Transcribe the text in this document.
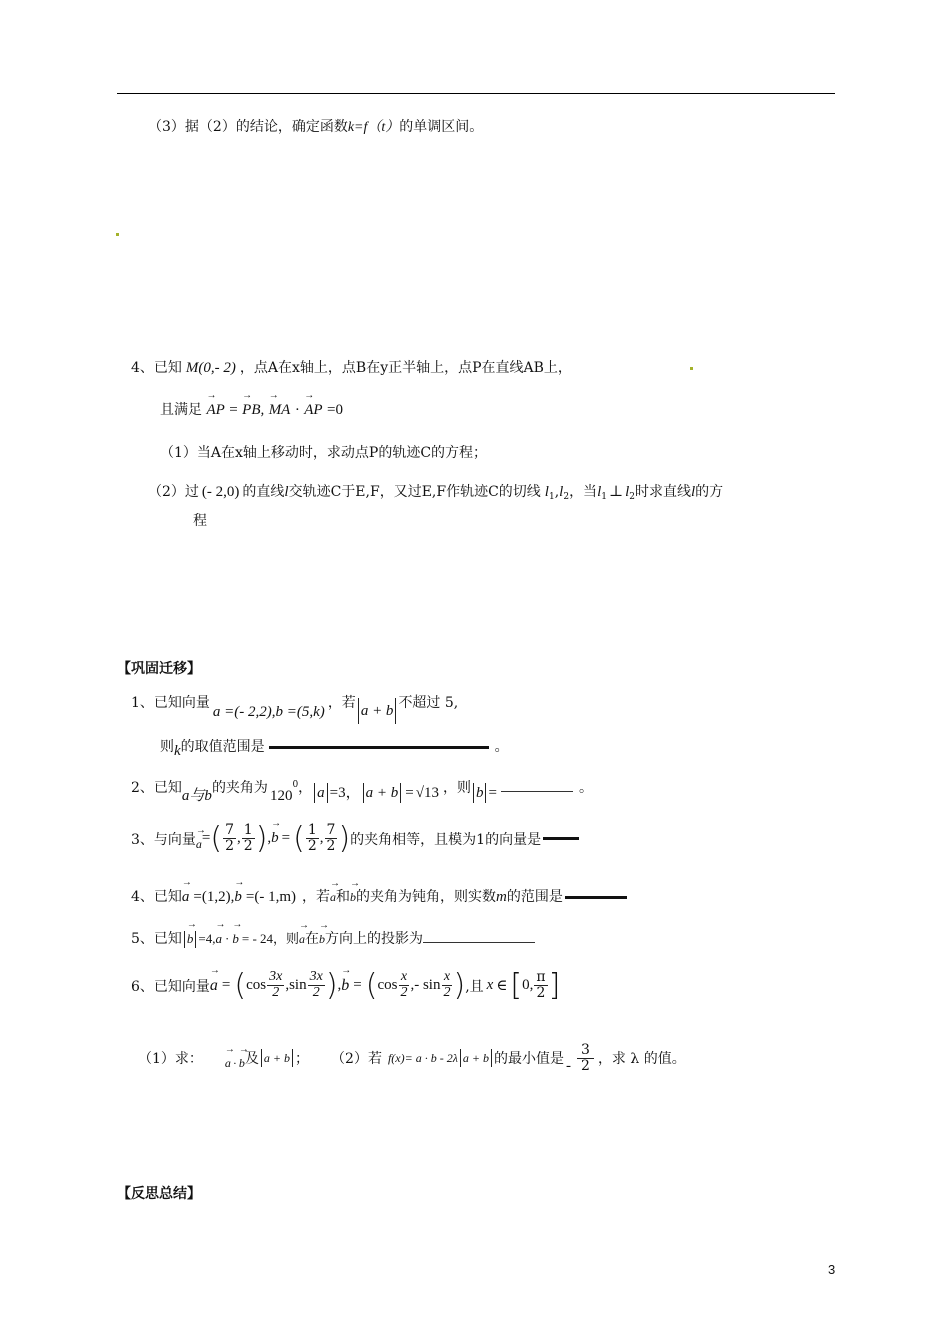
（3）据（2）的结论，确定函数k=f（t）的单调区间。
4、已知 M(0,- 2) ，点A在x轴上，点B在y正半轴上，点P在直线AB上，
且满足 → AP = → PB, → MA · → AP =0
（1）当A在x轴上移动时，求动点P的轨迹C的方程；
（2）过 (- 2,0) 的直线l交轨迹C于E,F，又过E,F作轨迹C的切线 $l_1,l_2$，当$l_1$ ⊥ $l_2$时求直线l的方
程
【巩固迁移】
1、已知向量a =(- 2,2),b =(5,k)，若 a + b 不超过 5,
则k的取值范围是	。
2、已知a与b的夹角为 1200， a =3， a + b = √13 ，则 b =	。
3、与向量 → a = ( $\frac{7}{2}$ , $\frac{1}{2}$ ) , → b = ( $\frac{1}{2}$ , $\frac{7}{2}$ ) 的夹角相等，且模为1的向量是
4、已知→ a =(1,2),→ b =(- 1,m) ，若→ a和→ b的夹角为钝角，则实数m的范围是
5、已知 → b =4,→ a · → b = - 24，则→ a在→ b方向上的投影为
6、已知向量 → a = ( $\cos \frac{3x}{2} ,\sin \frac{3x}{2}$ ) , → b = ( $\cos \frac{x}{2}$ ,- $\sin \frac{x}{2}$ ) ,且 x ∈ [ 0, $\frac{\pi}{2}$ ]
（1）求： → a · → b 及 a + b ； （2）若 f(x)= a · b - 2λ a + b 的最小值是 - $\frac{3}{2}$ ，求 λ 的值。
【反思总结】
3
